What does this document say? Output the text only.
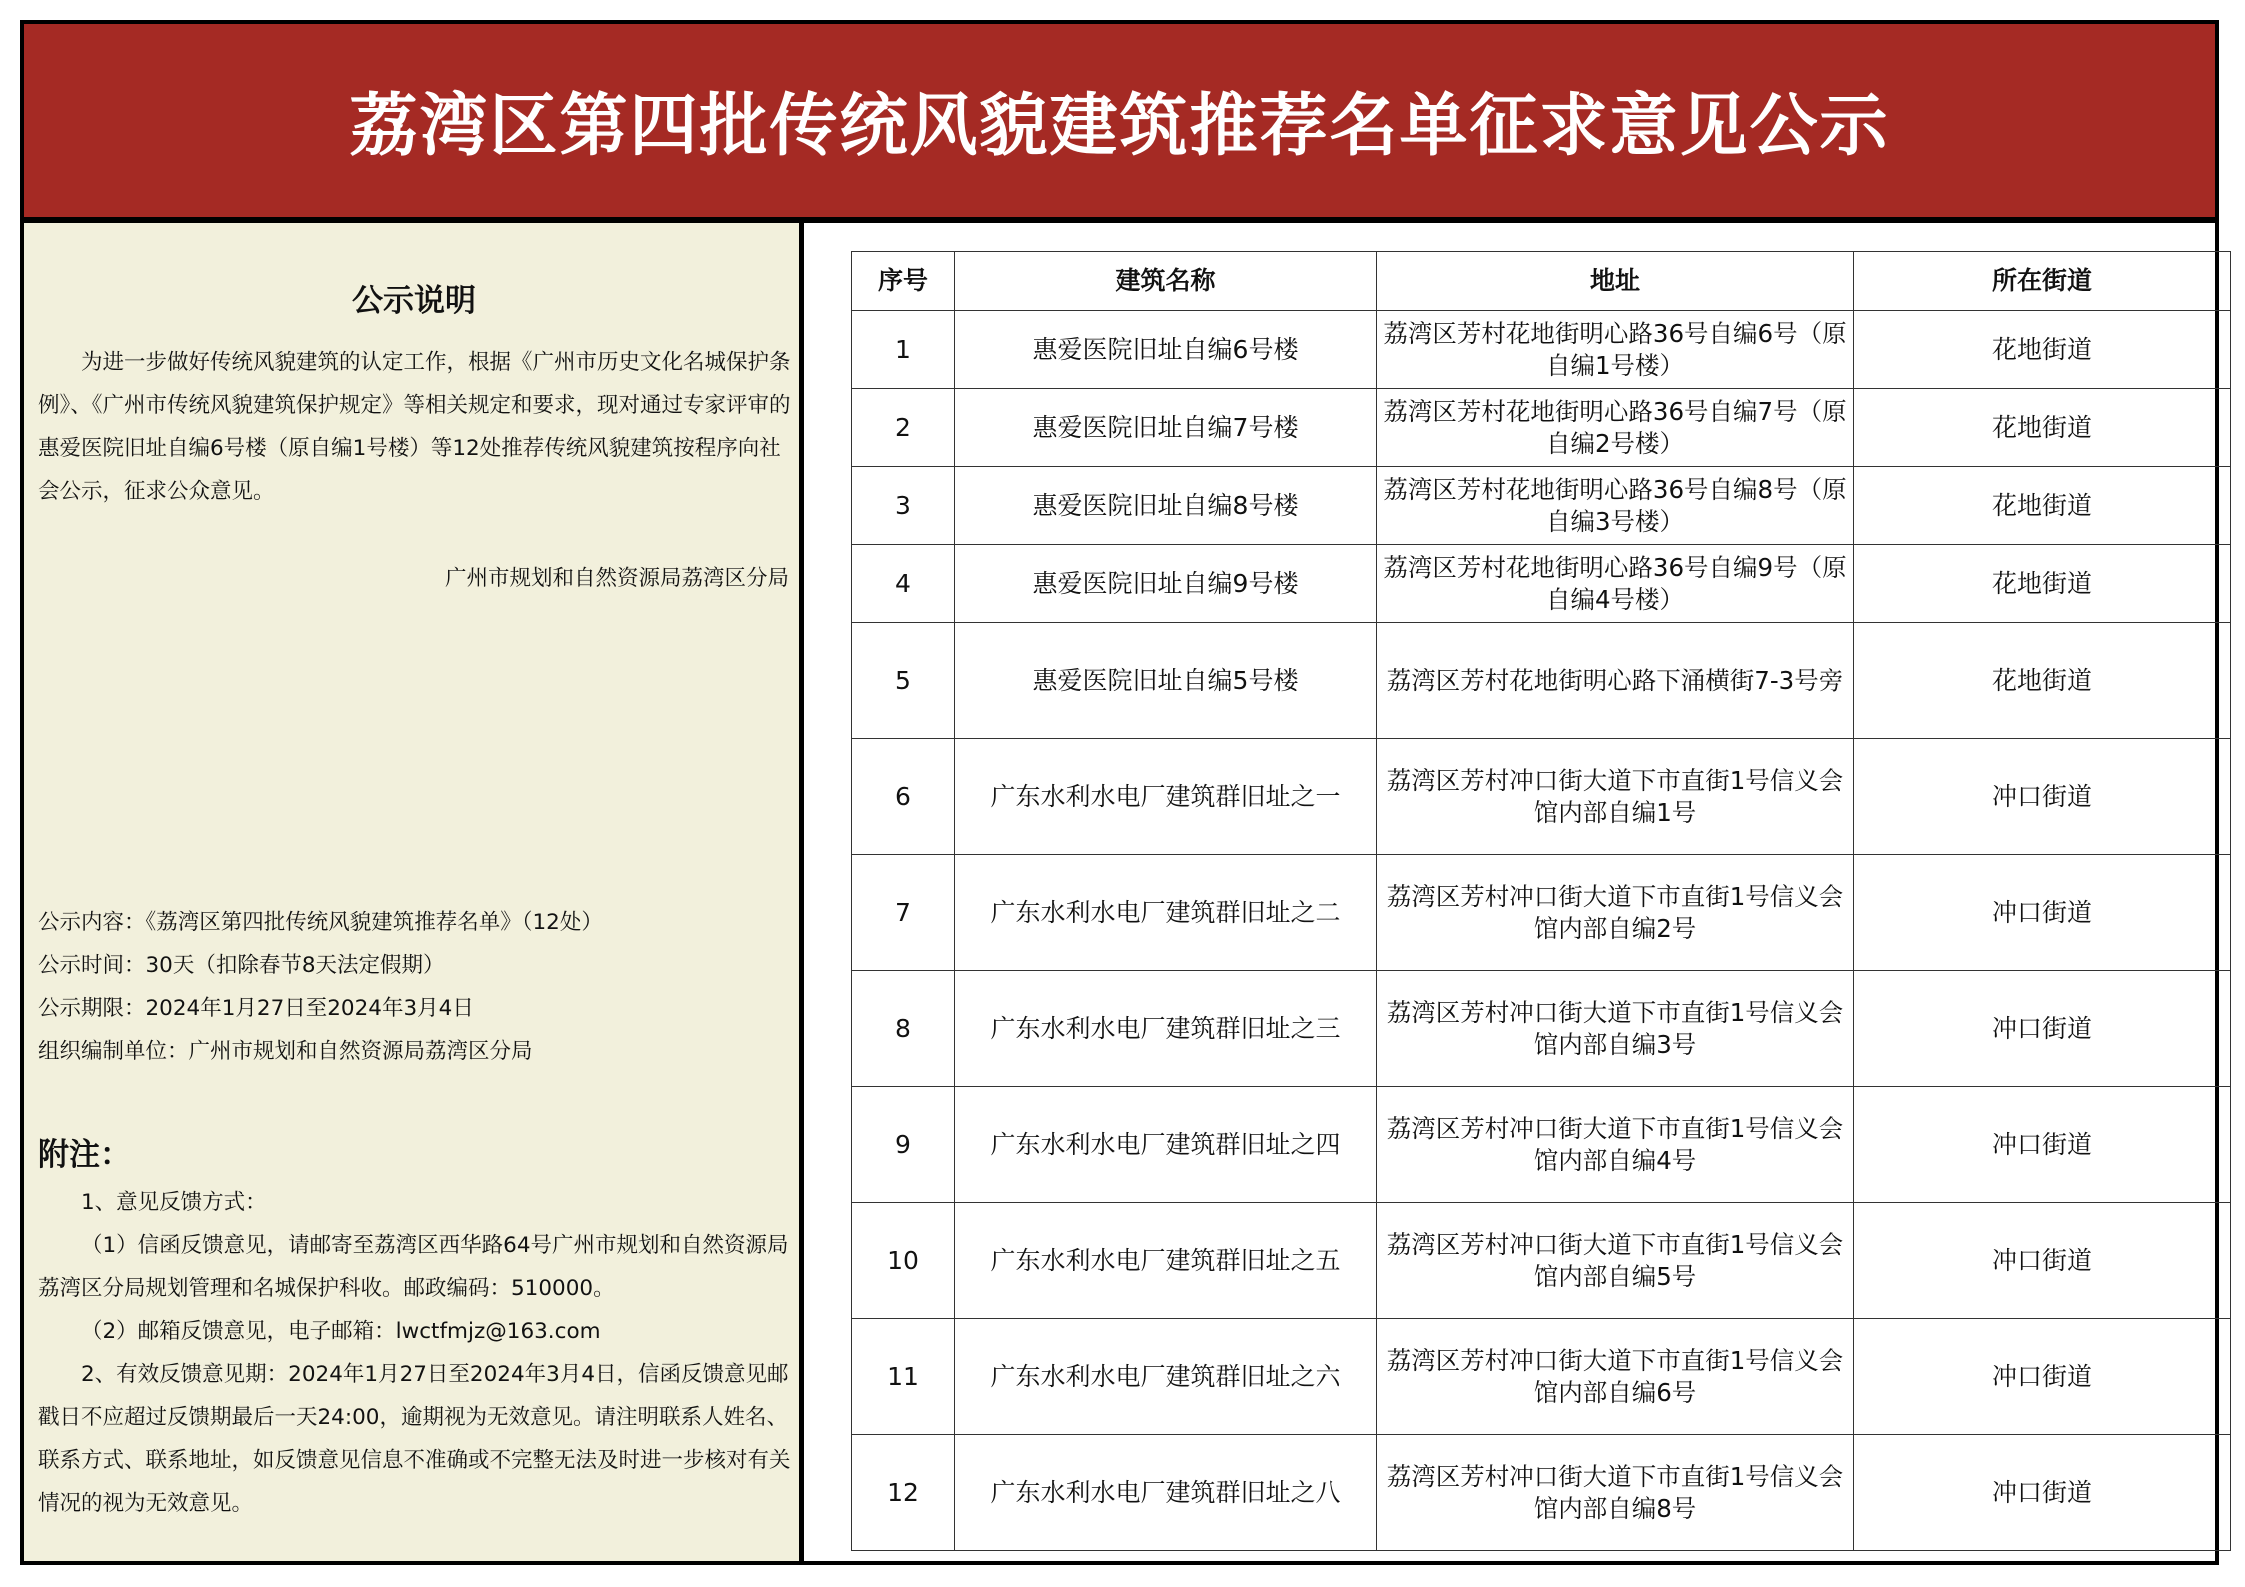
荔湾区第四批传统风貌建筑推荐名单征求意见公示
公示说明
为进一步做好传统风貌建筑的认定工作，根据《广州市历史文化名城保护条例》、《广州市传统风貌建筑保护规定》等相关规定和要求，现对通过专家评审的惠爱医院旧址自编6号楼（原自编1号楼）等12处推荐传统风貌建筑按程序向社会公示，征求公众意见。
广州市规划和自然资源局荔湾区分局
公示内容：《荔湾区第四批传统风貌建筑推荐名单》（12处）
公示时间：30天（扣除春节8天法定假期）
公示期限：2024年1月27日至2024年3月4日
组织编制单位：广州市规划和自然资源局荔湾区分局
附注：
1、意见反馈方式：
（1）信函反馈意见，请邮寄至荔湾区西华路64号广州市规划和自然资源局荔湾区分局规划管理和名城保护科收。邮政编码：510000。
（2）邮箱反馈意见，电子邮箱：lwctfmjz@163.com
2、有效反馈意见期：2024年1月27日至2024年3月4日，信函反馈意见邮戳日不应超过反馈期最后一天24:00，逾期视为无效意见。请注明联系人姓名、联系方式、联系地址，如反馈意见信息不准确或不完整无法及时进一步核对有关情况的视为无效意见。
序号	建筑名称	地址	所在街道
1	惠爱医院旧址自编6号楼	荔湾区芳村花地街明心路36号自编6号（原自编1号楼）	花地街道
2	惠爱医院旧址自编7号楼	荔湾区芳村花地街明心路36号自编7号（原自编2号楼）	花地街道
3	惠爱医院旧址自编8号楼	荔湾区芳村花地街明心路36号自编8号（原自编3号楼）	花地街道
4	惠爱医院旧址自编9号楼	荔湾区芳村花地街明心路36号自编9号（原自编4号楼）	花地街道
5	惠爱医院旧址自编5号楼	荔湾区芳村花地街明心路下涌横街7-3号旁	花地街道
6	广东水利水电厂建筑群旧址之一	荔湾区芳村冲口街大道下市直街1号信义会馆内部自编1号	冲口街道
7	广东水利水电厂建筑群旧址之二	荔湾区芳村冲口街大道下市直街1号信义会馆内部自编2号	冲口街道
8	广东水利水电厂建筑群旧址之三	荔湾区芳村冲口街大道下市直街1号信义会馆内部自编3号	冲口街道
9	广东水利水电厂建筑群旧址之四	荔湾区芳村冲口街大道下市直街1号信义会馆内部自编4号	冲口街道
10	广东水利水电厂建筑群旧址之五	荔湾区芳村冲口街大道下市直街1号信义会馆内部自编5号	冲口街道
11	广东水利水电厂建筑群旧址之六	荔湾区芳村冲口街大道下市直街1号信义会馆内部自编6号	冲口街道
12	广东水利水电厂建筑群旧址之八	荔湾区芳村冲口街大道下市直街1号信义会馆内部自编8号	冲口街道
